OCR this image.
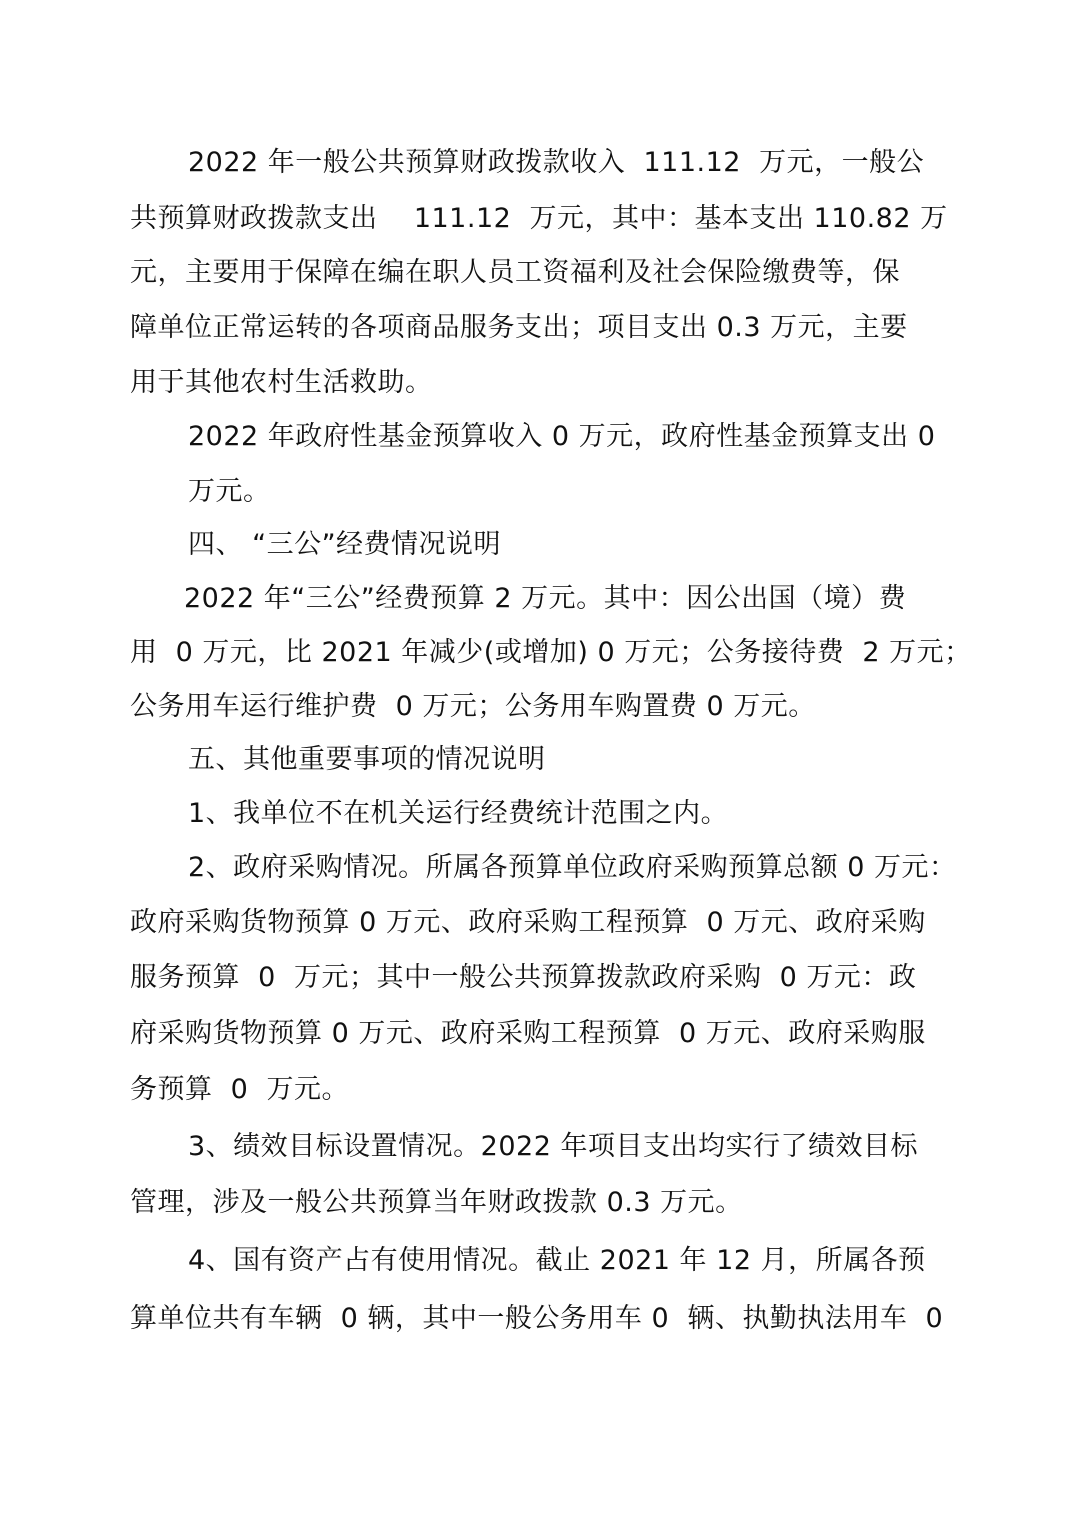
2022 年一般公共预算财政拨款收入  111.12  万元，一般公
共预算财政拨款支出    111.12  万元，其中：基本支出 110.82 万
元，主要用于保障在编在职人员工资福利及社会保险缴费等，保
障单位正常运转的各项商品服务支出；项目支出 0.3 万元，主要
用于其他农村生活救助。
2022 年政府性基金预算收入 0 万元，政府性基金预算支出 0
万元。
四、 “三公”经费情况说明
2022 年“三公”经费预算 2 万元。其中：因公出国（境）费
用  0 万元，比 2021 年减少(或增加) 0 万元；公务接待费  2 万元；
公务用车运行维护费  0 万元；公务用车购置费 0 万元。
五、其他重要事项的情况说明
1、我单位不在机关运行经费统计范围之内。
2、政府采购情况。所属各预算单位政府采购预算总额 0 万元：
政府采购货物预算 0 万元、政府采购工程预算  0 万元、政府采购
服务预算  0  万元；其中一般公共预算拨款政府采购  0 万元：政
府采购货物预算 0 万元、政府采购工程预算  0 万元、政府采购服
务预算  0  万元。
3、绩效目标设置情况。2022 年项目支出均实行了绩效目标
管理，涉及一般公共预算当年财政拨款 0.3 万元。
4、国有资产占有使用情况。截止 2021 年 12 月，所属各预
算单位共有车辆  0 辆，其中一般公务用车 0  辆、执勤执法用车  0
